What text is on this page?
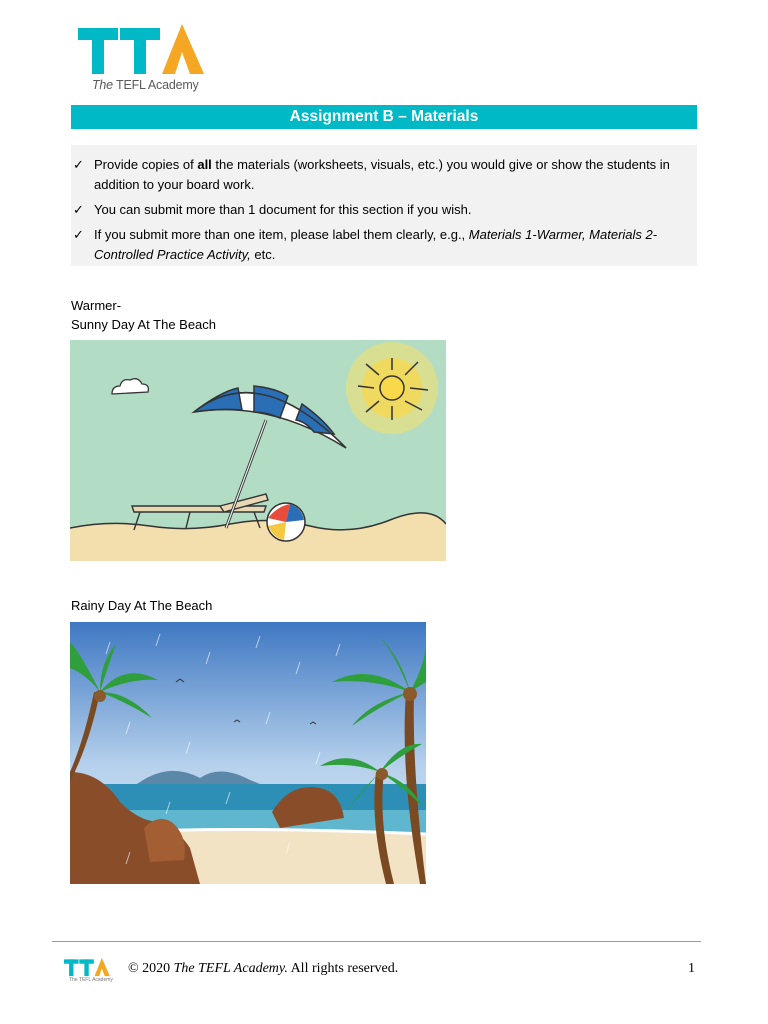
The TEFL Academy
Assignment B – Materials
✓ Provide copies of all the materials (worksheets, visuals, etc.) you would give or show the students in addition to your board work.
✓ You can submit more than 1 document for this section if you wish.
✓ If you submit more than one item, please label them clearly, e.g., Materials 1-Warmer, Materials 2- Controlled Practice Activity, etc.
Warmer-
Sunny Day At The Beach
Rainy Day At The Beach
The TEFL Academy
© 2020 The TEFL Academy. All rights reserved.	1
